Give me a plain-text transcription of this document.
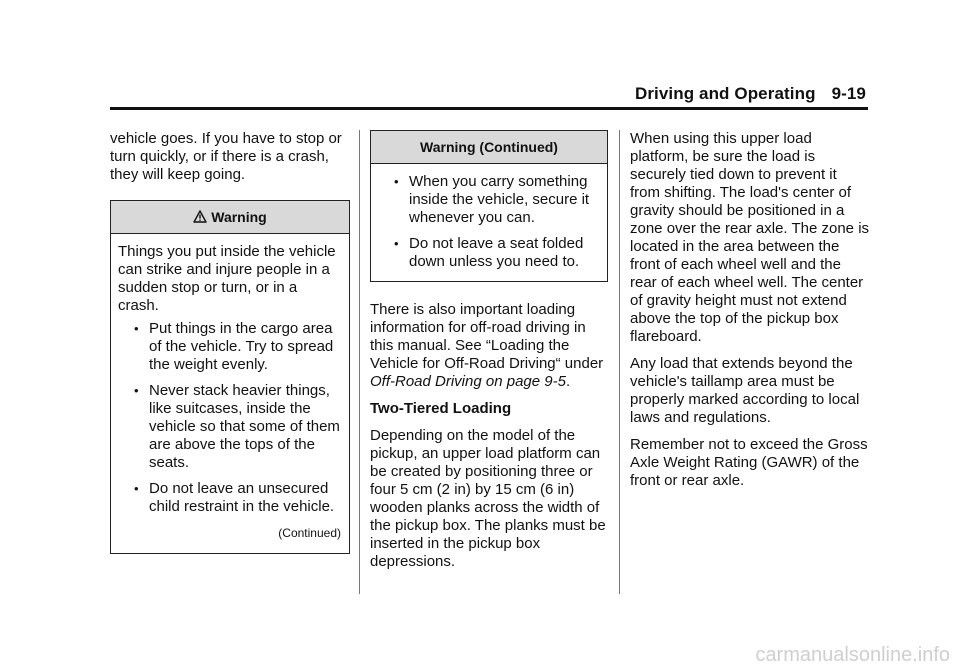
Driving and Operating 9-19

vehicle goes. If you have to stop or turn quickly, or if there is a crash, they will keep going.

Warning

Things you put inside the vehicle can strike and injure people in a sudden stop or turn, or in a crash.

• Put things in the cargo area of the vehicle. Try to spread the weight evenly.
• Never stack heavier things, like suitcases, inside the vehicle so that some of them are above the tops of the seats.
• Do not leave an unsecured child restraint in the vehicle.

(Continued)

Warning (Continued)
• When you carry something inside the vehicle, secure it whenever you can.
• Do not leave a seat folded down unless you need to.

There is also important loading information for off-road driving in this manual. See “Loading the Vehicle for Off-Road Driving“ under Off-Road Driving on page 9-5.

Two-Tiered Loading

Depending on the model of the pickup, an upper load platform can be created by positioning three or four 5 cm (2 in) by 15 cm (6 in) wooden planks across the width of the pickup box. The planks must be inserted in the pickup box depressions.

When using this upper load platform, be sure the load is securely tied down to prevent it from shifting. The load's center of gravity should be positioned in a zone over the rear axle. The zone is located in the area between the front of each wheel well and the rear of each wheel well. The center of gravity height must not extend above the top of the pickup box flareboard.

Any load that extends beyond the vehicle's taillamp area must be properly marked according to local laws and regulations.

Remember not to exceed the Gross Axle Weight Rating (GAWR) of the front or rear axle.

carmanualsonline.info
